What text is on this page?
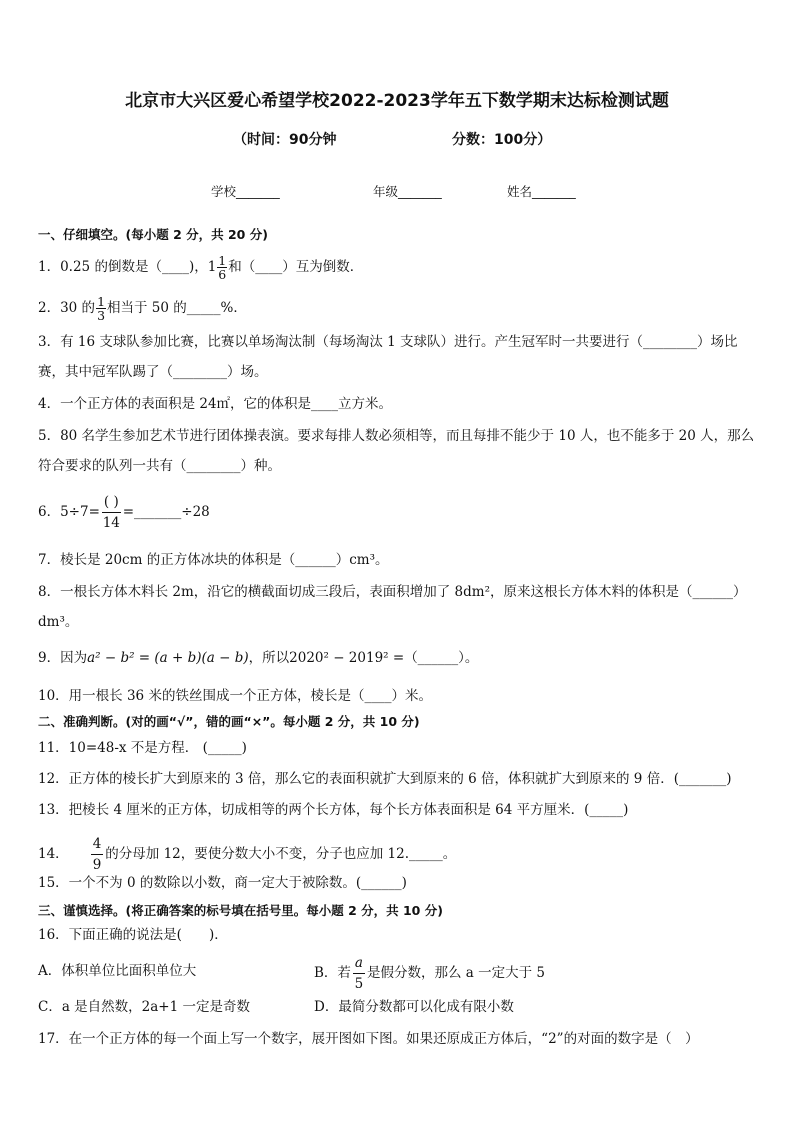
北京市大兴区爱心希望学校2022-2023学年五下数学期末达标检测试题
（时间：90分钟	分数：100分）
学校_______	年级_______	姓名_______
一、仔细填空。(每小题 2 分，共 20 分)
1．0.25 的倒数是（____)，$1 \frac{1}{6}$ 和（____）互为倒数．
2．30 的 $\frac{1}{3}$ 相当于 50 的_____%．
3．有 16 支球队参加比赛，比赛以单场淘汰制（每场淘汰 1 支球队）进行。产生冠军时一共要进行（________）场比
赛，其中冠军队踢了（________）场。
4．一个正方体的表面积是 24㎡，它的体积是____立方米。
5．80 名学生参加艺术节进行团体操表演。要求每排人数必须相等，而且每排不能少于 10 人，也不能多于 20 人，那么
符合要求的队列一共有（________）种。
6．$5\div 7= \frac{( )}{14}$ =_______÷28
7．棱长是 20cm 的正方体冰块的体积是（______）cm³。
8．一根长方体木料长 2m，沿它的横截面切成三段后，表面积增加了 8dm²，原来这根长方体木料的体积是（______）
dm³。
9．因为a² − b² = (a + b)(a − b)，所以2020² − 2019² =（______）。
10．用一根长 36 米的铁丝围成一个正方体，棱长是（____）米。
二、准确判断。(对的画“√”，错的画“×”。每小题 2 分，共 10 分)
11．10=48-x 不是方程． (_____)
12．正方体的棱长扩大到原来的 3 倍，那么它的表面积就扩大到原来的 6 倍，体积就扩大到原来的 9 倍．(_______)
13．把棱长 4 厘米的正方体，切成相等的两个长方体，每个长方体表面积是 64 平方厘米．(_____)
14． $\frac{4}{9}$ 的分母加 12，要使分数大小不变，分子也应加 12._____。
15．一个不为 0 的数除以小数，商一定大于被除数。(______)
三、谨慎选择。(将正确答案的标号填在括号里。每小题 2 分，共 10 分)
16．下面正确的说法是(　　)．
A．体积单位比面积单位大	B．若 $\frac{a}{5}$ 是假分数，那么 a 一定大于 5
C．a 是自然数，2a+1 一定是奇数	D．最简分数都可以化成有限小数
17．在一个正方体的每一个面上写一个数字，展开图如下图。如果还原成正方体后，“2”的对面的数字是（　）
